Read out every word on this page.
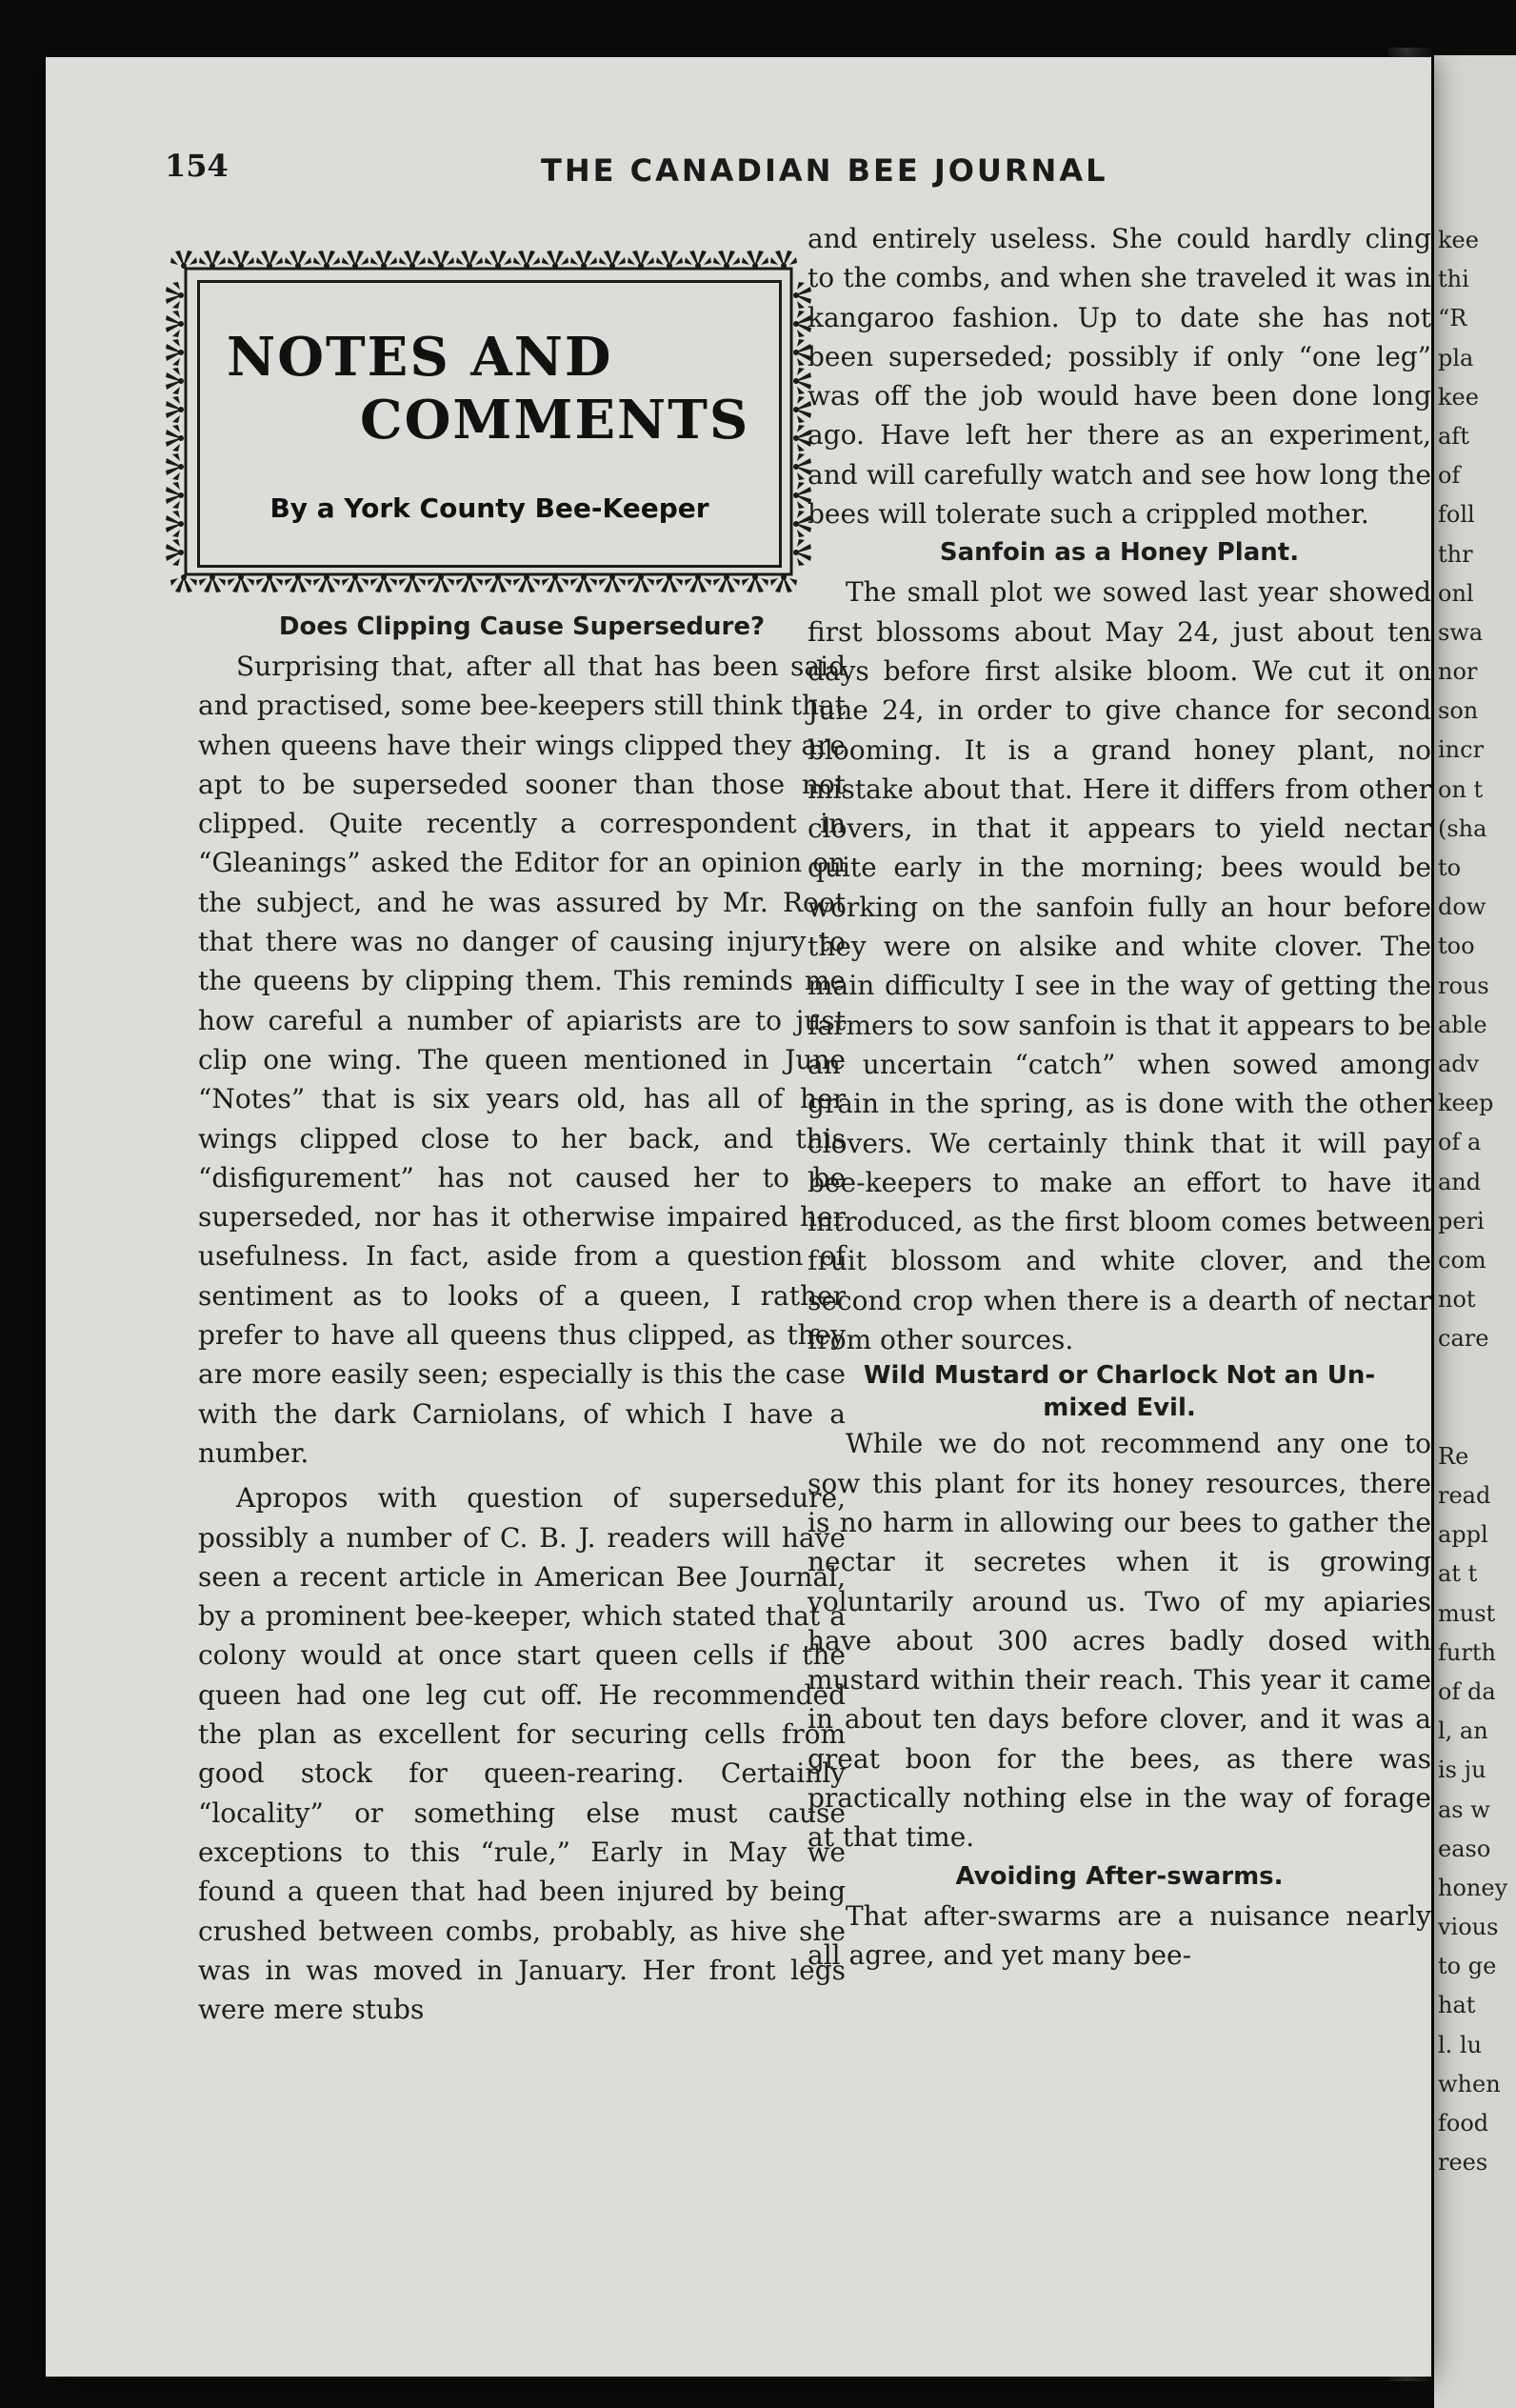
kee
thi
“R
pla
kee
aft
of
foll
thr
onl
swa
nor
son
incr
on t
(sha
to
dow
too
rous
able
adv
keep
of a
and
peri
com
not
care
Re
read
appl
at t
must
furth
of da
l, an
is ju
as w
easo
honey
vious
to ge
hat
l. lu
when
food
rees
154	THE CANADIAN BEE JOURNAL
NOTES AND
COMMENTS
By a York County Bee-Keeper
Does Clipping Cause Supersedure?

Surprising that, after all that has been said and practised, some bee-keepers still think that when queens have their wings clipped they are apt to be superseded sooner than those not clipped. Quite recently a correspondent in “Gleanings” asked the Editor for an opinion on the subject, and he was assured by Mr. Root that there was no danger of causing injury to the queens by clipping them. This reminds me how careful a number of apiarists are to just clip one wing. The queen mentioned in June “Notes” that is six years old, has all of her wings clipped close to her back, and this “disfigurement” has not caused her to be superseded, nor has it otherwise impaired her usefulness. In fact, aside from a question of sentiment as to looks of a queen, I rather prefer to have all queens thus clipped, as they are more easily seen; especially is this the case with the dark Carniolans, of which I have a number.

Apropos with question of supersedure, possibly a number of C. B. J. readers will have seen a recent article in American Bee Journal, by a prominent bee-keeper, which stated that a colony would at once start queen cells if the queen had one leg cut off. He recommended the plan as excellent for securing cells from good stock for queen-rearing. Certainly “locality” or something else must cause exceptions to this “rule,” Early in May we found a queen that had been injured by being crushed between combs, probably, as hive she was in was moved in January. Her front legs were mere stubs

and entirely useless. She could hardly cling to the combs, and when she traveled it was in kangaroo fashion. Up to date she has not been superseded; possibly if only “one leg” was off the job would have been done long ago. Have left her there as an experiment, and will carefully watch and see how long the bees will tolerate such a crippled mother.

Sanfoin as a Honey Plant.

The small plot we sowed last year showed first blossoms about May 24, just about ten days before first alsike bloom. We cut it on June 24, in order to give chance for second blooming. It is a grand honey plant, no mistake about that. Here it differs from other clovers, in that it appears to yield nectar quite early in the morning; bees would be working on the sanfoin fully an hour before they were on alsike and white clover. The main difficulty I see in the way of getting the farmers to sow sanfoin is that it appears to be an uncertain “catch” when sowed among grain in the spring, as is done with the other clovers. We certainly think that it will pay bee-keepers to make an effort to have it introduced, as the first bloom comes between fruit blossom and white clover, and the second crop when there is a dearth of nectar from other sources.

Wild Mustard or Charlock Not an Un-
mixed Evil.

While we do not recommend any one to sow this plant for its honey resources, there is no harm in allowing our bees to gather the nectar it secretes when it is growing voluntarily around us. Two of my apiaries have about 300 acres badly dosed with mustard within their reach. This year it came in about ten days before clover, and it was a great boon for the bees, as there was practically nothing else in the way of forage at that time.

Avoiding After-swarms.

That after-swarms are a nuisance nearly all agree, and yet many bee-
